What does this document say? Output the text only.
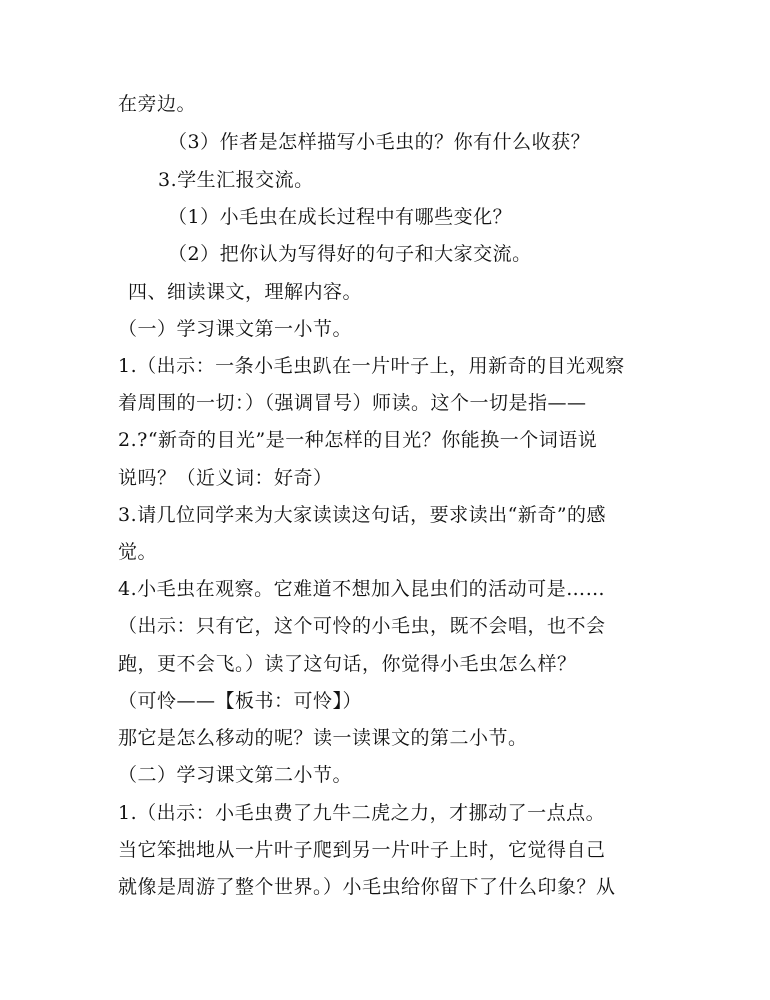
在旁边。
（3）作者是怎样描写小毛虫的？你有什么收获？
3.学生汇报交流。
（1）小毛虫在成长过程中有哪些变化？
（2）把你认为写得好的句子和大家交流。
四、细读课文，理解内容。
（一）学习课文第一小节。
1.（出示：一条小毛虫趴在一片叶子上，用新奇的目光观察
着周围的一切：）（强调冒号）师读。这个一切是指——
2.?“新奇的目光”是一种怎样的目光？你能换一个词语说
说吗？（近义词：好奇）
3.请几位同学来为大家读读这句话，要求读出“新奇”的感
觉。
4.小毛虫在观察。它难道不想加入昆虫们的活动可是……
（出示：只有它，这个可怜的小毛虫，既不会唱，也不会
跑，更不会飞。）读了这句话，你觉得小毛虫怎么样？
（可怜——【板书：可怜】）
那它是怎么移动的呢？读一读课文的第二小节。
（二）学习课文第二小节。
1.（出示：小毛虫费了九牛二虎之力，才挪动了一点点。
当它笨拙地从一片叶子爬到另一片叶子上时，它觉得自己
就像是周游了整个世界。）小毛虫给你留下了什么印象？从
